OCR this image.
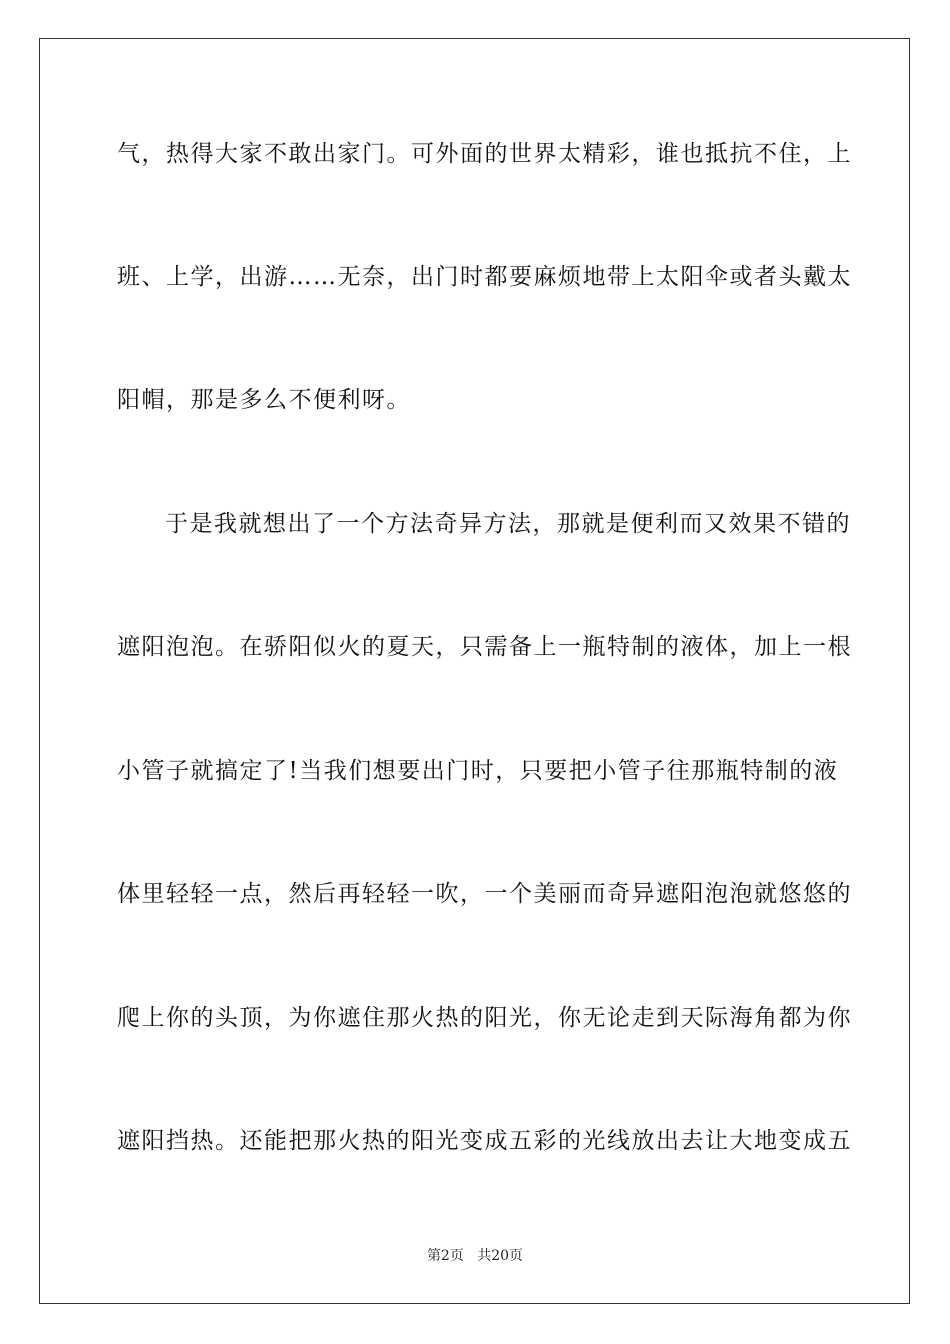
气，热得大家不敢出家门。可外面的世界太精彩，谁也抵抗不住，上
班、上学，出游……无奈，出门时都要麻烦地带上太阳伞或者头戴太
阳帽，那是多么不便利呀。
于是我就想出了一个方法奇异方法，那就是便利而又效果不错的
遮阳泡泡。在骄阳似火的夏天，只需备上一瓶特制的液体，加上一根
小管子就搞定了!当我们想要出门时，只要把小管子往那瓶特制的液
体里轻轻一点，然后再轻轻一吹，一个美丽而奇异遮阳泡泡就悠悠的
爬上你的头顶，为你遮住那火热的阳光，你无论走到天际海角都为你
遮阳挡热。还能把那火热的阳光变成五彩的光线放出去让大地变成五
第2页 共20页
